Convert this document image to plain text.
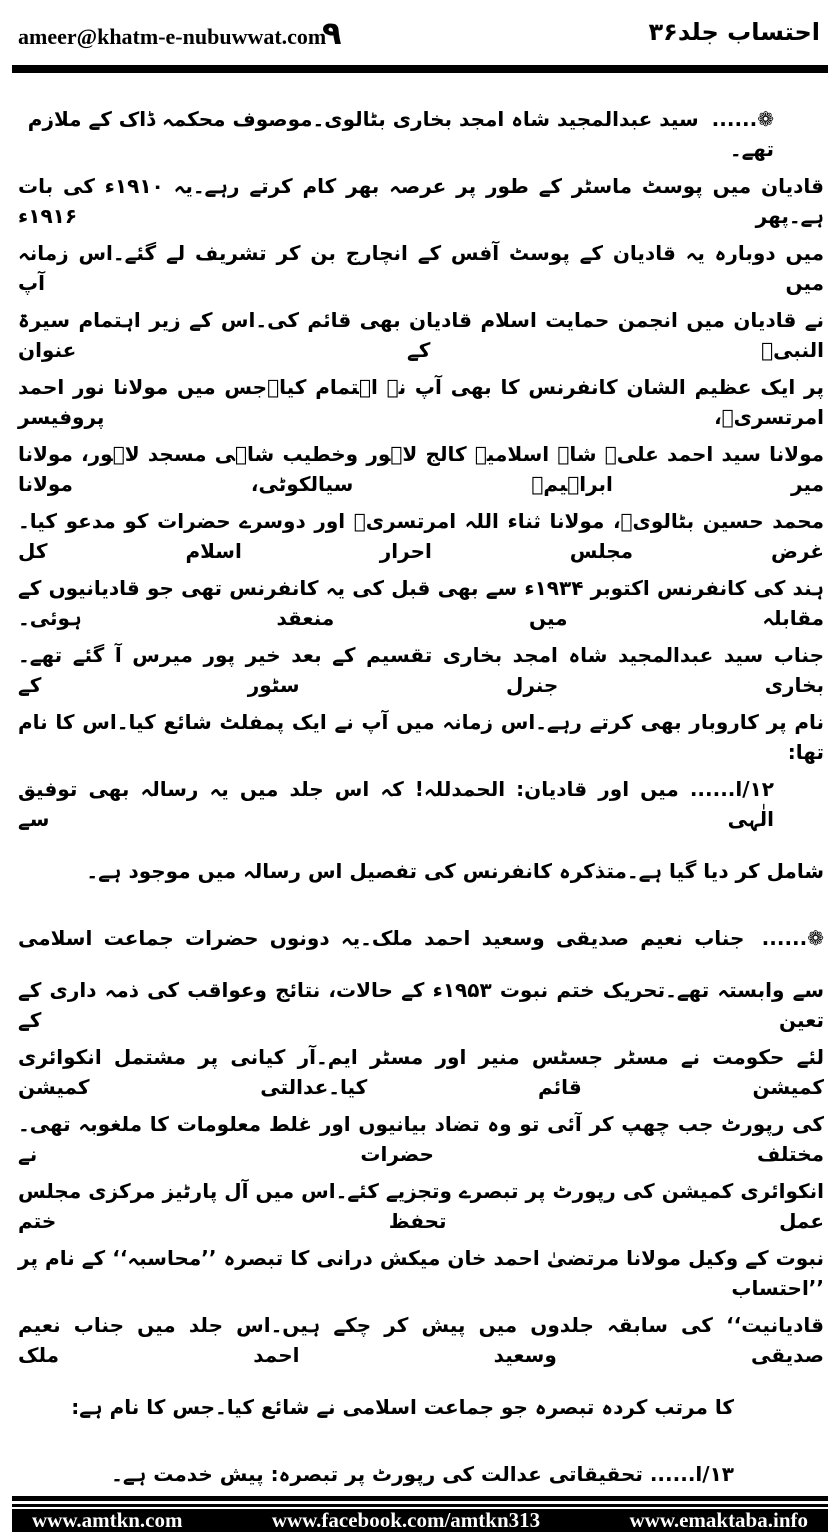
ameer@khatm-e-nubuwwat.com
۹	احتساب جلد۳۶
❁...... سید عبدالمجید شاہ امجد بخاری بٹالوی۔موصوف محکمہ ڈاک کے ملازم تھے۔
قادیان میں پوسٹ ماسٹر کے طور پر عرصہ بھر کام کرتے رہے۔یہ ۱۹۱۰ء کی بات ہے۔پھر ۱۹۱۶ء
میں دوبارہ یہ قادیان کے پوسٹ آفس کے انچارج بن کر تشریف لے گئے۔اس زمانہ میں آپ
نے قادیان میں انجمن حمایت اسلام قادیان بھی قائم کی۔اس کے زیر اہتمام سیرۃ النبیؐ کے عنوان
پر ایک عظیم الشان کانفرنس کا بھی آپ نے اہتمام کیا۔جس میں مولانا نور احمد امرتسریؒ، پروفیسر
مولانا سید احمد علیؒ شاہ اسلامیہ کالج لاہور وخطیب شاہی مسجد لاہور، مولانا میر ابراہیمؒ سیالکوٹی، مولانا
محمد حسین بٹالویؒ، مولانا ثناء اللہ امرتسریؒ اور دوسرے حضرات کو مدعو کیا۔غرض مجلس احرار اسلام کل
ہند کی کانفرنس اکتوبر ۱۹۳۴ء سے بھی قبل کی یہ کانفرنس تھی جو قادیانیوں کے مقابلہ میں منعقد ہوئی۔
جناب سید عبدالمجید شاہ امجد بخاری تقسیم کے بعد خیر پور میرس آ گئے تھے۔بخاری جنرل سٹور کے
نام پر کاروبار بھی کرتے رہے۔اس زمانہ میں آپ نے ایک پمفلٹ شائع کیا۔اس کا نام تھا:
۱۲/ا...... میں اور قادیان: الحمدللہ! کہ اس جلد میں یہ رسالہ بھی توفیق الٰہی سے
شامل کر دیا گیا ہے۔متذکرہ کانفرنس کی تفصیل اس رسالہ میں موجود ہے۔
❁...... جناب نعیم صدیقی وسعید احمد ملک۔یہ دونوں حضرات جماعت اسلامی
سے وابستہ تھے۔تحریک ختم نبوت ۱۹۵۳ء کے حالات، نتائج وعواقب کی ذمہ داری کے تعین کے
لئے حکومت نے مسٹر جسٹس منیر اور مسٹر ایم۔آر کیانی پر مشتمل انکوائری کمیشن قائم کیا۔عدالتی کمیشن
کی رپورٹ جب چھپ کر آئی تو وہ تضاد بیانیوں اور غلط معلومات کا ملغوبہ تھی۔مختلف حضرات نے
انکوائری کمیشن کی رپورٹ پر تبصرے وتجزیے کئے۔اس میں آل پارٹیز مرکزی مجلس عمل تحفظ ختم
نبوت کے وکیل مولانا مرتضیٰ احمد خان میکش درانی کا تبصرہ ’’محاسبہ‘‘ کے نام پر ’’احتساب
قادیانیت‘‘ کی سابقہ جلدوں میں پیش کر چکے ہیں۔اس جلد میں جناب نعیم صدیقی وسعید احمد ملک
کا مرتب کردہ تبصرہ جو جماعت اسلامی نے شائع کیا۔جس کا نام ہے:
۱۳/ا...... تحقیقاتی عدالت کی رپورٹ پر تبصرہ: پیش خدمت ہے۔
www.amtkn.com	www.facebook.com/amtkn313	www.emaktaba.info
